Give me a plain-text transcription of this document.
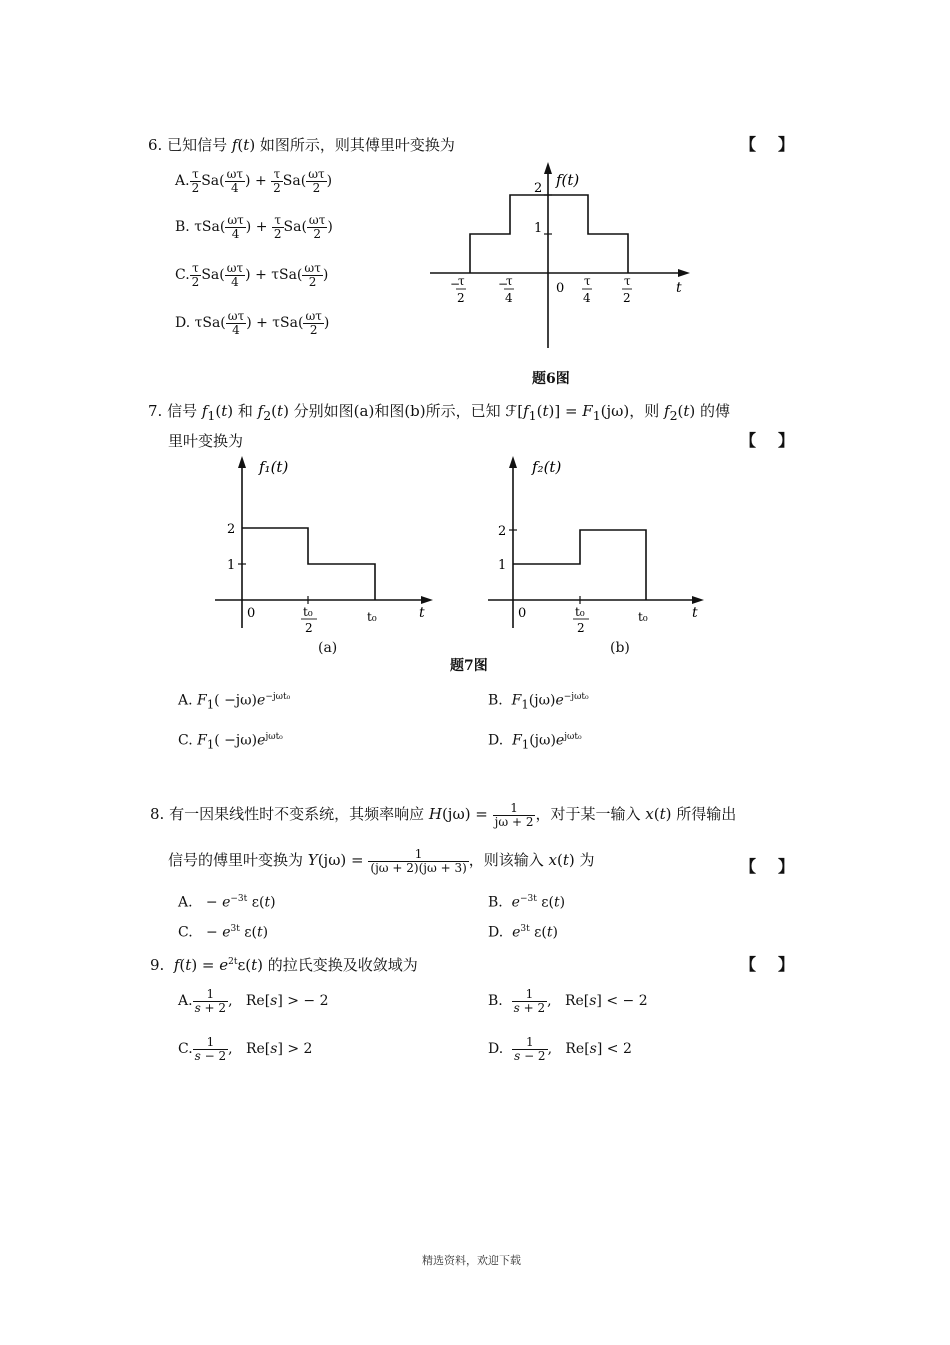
6. 已知信号 f(t) 如图所示，则其傅里叶变换为	【】
A. $\frac{\tau}{2} Sa( \frac{\omega\tau}{4}$ ) + $\frac{\tau}{2} Sa( \frac{\omega\tau}{2}$ )
B. $\tau Sa( \frac{\omega\tau}{4}$ ) + $\frac{\tau}{2} Sa( \frac{\omega\tau}{2}$ )
C. $\frac{\tau}{2} Sa( \frac{\omega\tau}{4}$ ) + $\tau Sa( \frac{\omega\tau}{2}$ )
D. $\tau Sa( \frac{\omega\tau}{4}$ ) + $\tau Sa( \frac{\omega\tau}{2}$ )
f(t)
2
1
t
−
τ
2
−
τ
4
0 τ
4
τ
2
题6图
7. 信号 $f_1(t)$ 和 $f_2(t)$ 分别如图(a)和图(b)所示，已知 $ℱ[f_1(t)] = F_1(j\omega)$，则 $f_2(t)$ 的傅
里叶变换为	【】
f₁(t)
2
1
0	t₀
2
t₀	t
(a)
f₂(t)
2
1
0	t₀
2
t₀	t
(b)
题7图
A. $F_1( -j\omega)e^{-j\omega t_0}$	B.  $F_1(j\omega)e^{-j\omega t_0}$
C. $F_1( -j\omega)e^{j\omega t_0}$	D.  $F_1(j\omega)e^{j\omega t_0}$
8. 有一因果线性时不变系统，其频率响应 $H(j\omega) = \frac{1}{j\omega + 2}$ ，对于某一输入 x(t) 所得输出
信号的傅里叶变换为 $Y(j\omega) = \frac{1}{(j\omega + 2)(j\omega + 3)}$ ，则该输入 x(t) 为	【】
A.   − $e^{-3t}$ ε(t)	B.  $e^{-3t}$ ε(t)
C.   − $e^{3t}$ ε(t)	D.  $e^{3t}$ ε(t)
9.  $f(t) = e^{2t}\varepsilon(t)$ 的拉氏变换及收敛域为	【】
A. $\frac{1}{s + 2}$ ,   Re[s] > − 2	B. $\frac{1}{s + 2}$ ,   Re[s] < − 2
C. $\frac{1}{s - 2}$ ,   Re[s] > 2	D. $\frac{1}{s - 2}$ ,   Re[s] < 2
精选资料，欢迎下载
